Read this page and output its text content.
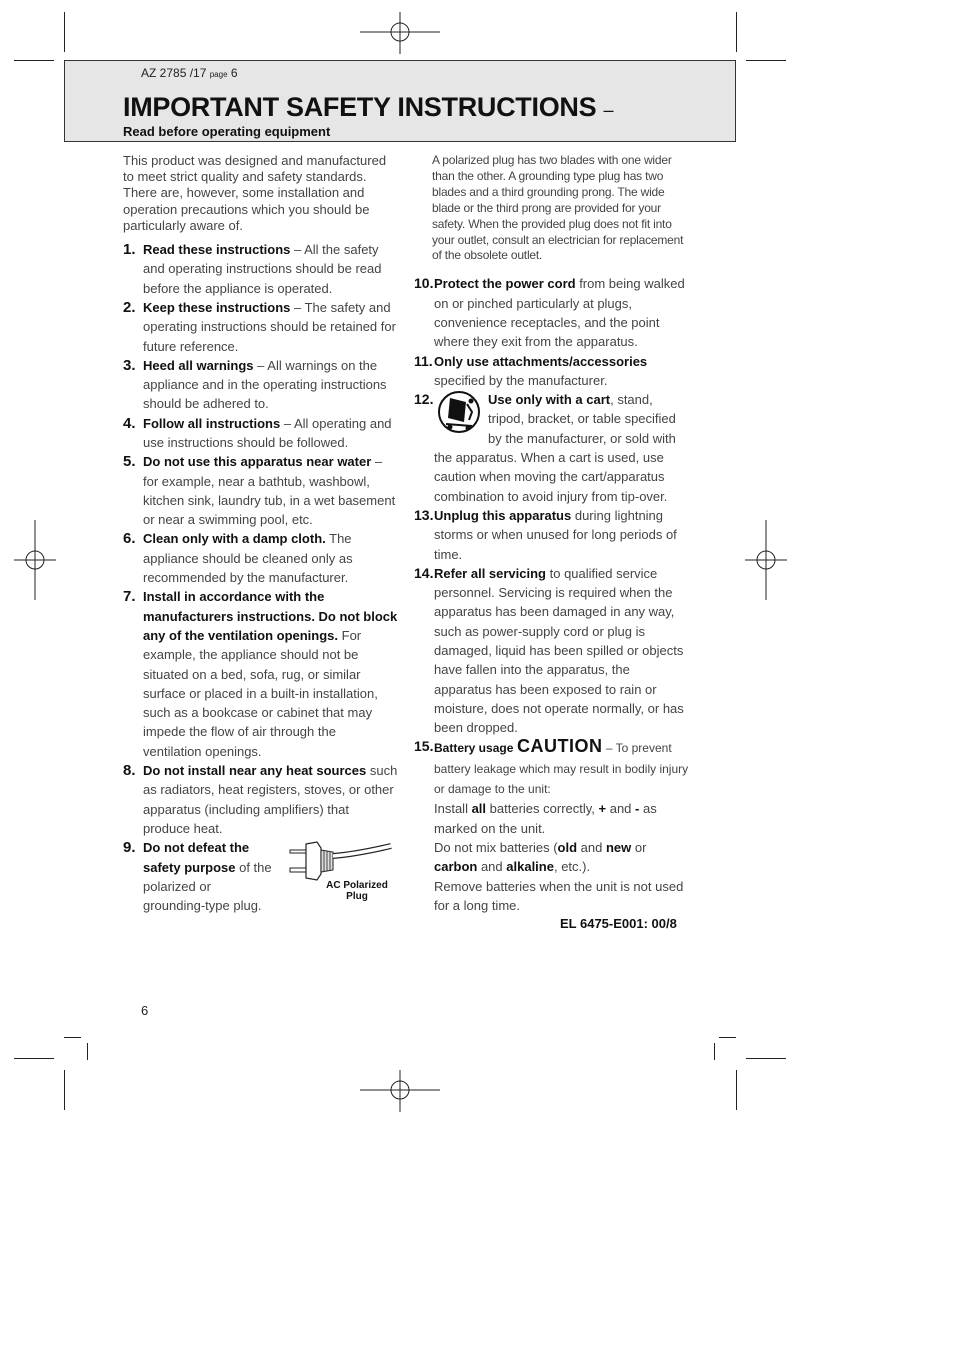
AZ 2785 /17 page 6
IMPORTANT SAFETY INSTRUCTIONS –
Read before operating equipment
This product was designed and manufactured to meet strict quality and safety standards. There are, however, some installation and operation precautions which you should be particularly aware of.
1. Read these instructions – All the safety and operating instructions should be read before the appliance is operated.
2. Keep these instructions – The safety and operating instructions should be retained for future reference.
3. Heed all warnings – All warnings on the appliance and in the operating instructions should be adhered to.
4. Follow all instructions – All operating and use instructions should be followed.
5. Do not use this apparatus near water – for example, near a bathtub, washbowl, kitchen sink, laundry tub, in a wet basement or near a swimming pool, etc.
6. Clean only with a damp cloth. The appliance should be cleaned only as recommended by the manufacturer.
7. Install in accordance with the manufacturers instructions. Do not block any of the ventilation openings. For example, the appliance should not be situated on a bed, sofa, rug, or similar surface or placed in a built-in installation, such as a bookcase or cabinet that may impede the flow of air through the ventilation openings.
8. Do not install near any heat sources such as radiators, heat registers, stoves, or other apparatus (including amplifiers) that produce heat.
9. Do not defeat the safety purpose of the polarized or grounding-type plug.
AC Polarized Plug
A polarized plug has two blades with one wider than the other. A grounding type plug has two blades and a third grounding prong. The wide blade or the third prong are provided for your safety. When the provided plug does not fit into your outlet, consult an electrician for replacement of the obsolete outlet.
10. Protect the power cord from being walked on or pinched particularly at plugs, convenience receptacles, and the point where they exit from the apparatus.
11. Only use attachments/accessories specified by the manufacturer.
12.	Use only with a cart, stand, tripod, bracket, or table specified by the manufacturer, or sold with the apparatus. When a cart is used, use caution when moving the cart/apparatus combination to avoid injury from tip-over.
13. Unplug this apparatus during lightning storms or when unused for long periods of time.
14. Refer all servicing to qualified service personnel. Servicing is required when the apparatus has been damaged in any way, such as power-supply cord or plug is damaged, liquid has been spilled or objects have fallen into the apparatus, the apparatus has been exposed to rain or moisture, does not operate normally, or has been dropped.
15. Battery usage CAUTION – To prevent battery leakage which may result in bodily injury or damage to the unit:
Install all batteries correctly, + and - as marked on the unit.
Do not mix batteries (old and new or carbon and alkaline, etc.).
Remove batteries when the unit is not used for a long time.
EL 6475-E001: 00/8
6
